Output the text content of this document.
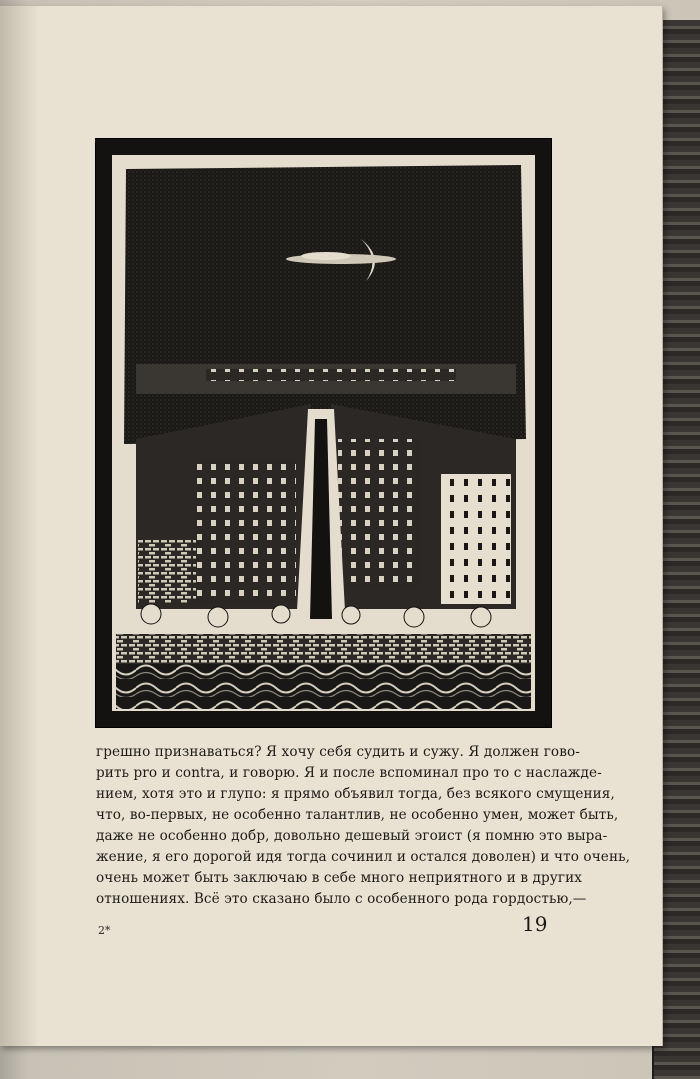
грешно признаваться? Я хочу себя судить и сужу. Я должен гово-
рить pro и contra, и говорю. Я и после вспоминал про то с наслажде-
нием, хотя это и глупо: я прямо объявил тогда, без всякого смущения,
что, во-первых, не особенно талантлив, не особенно умен, может быть,
даже не особенно добр, довольно дешевый эгоист (я помню это выра-
жение, я его дорогой идя тогда сочинил и остался доволен) и что очень,
очень может быть заключаю в себе много неприятного и в других
отношениях. Всё это сказано было с особенного рода гордостью,—
2*	19
